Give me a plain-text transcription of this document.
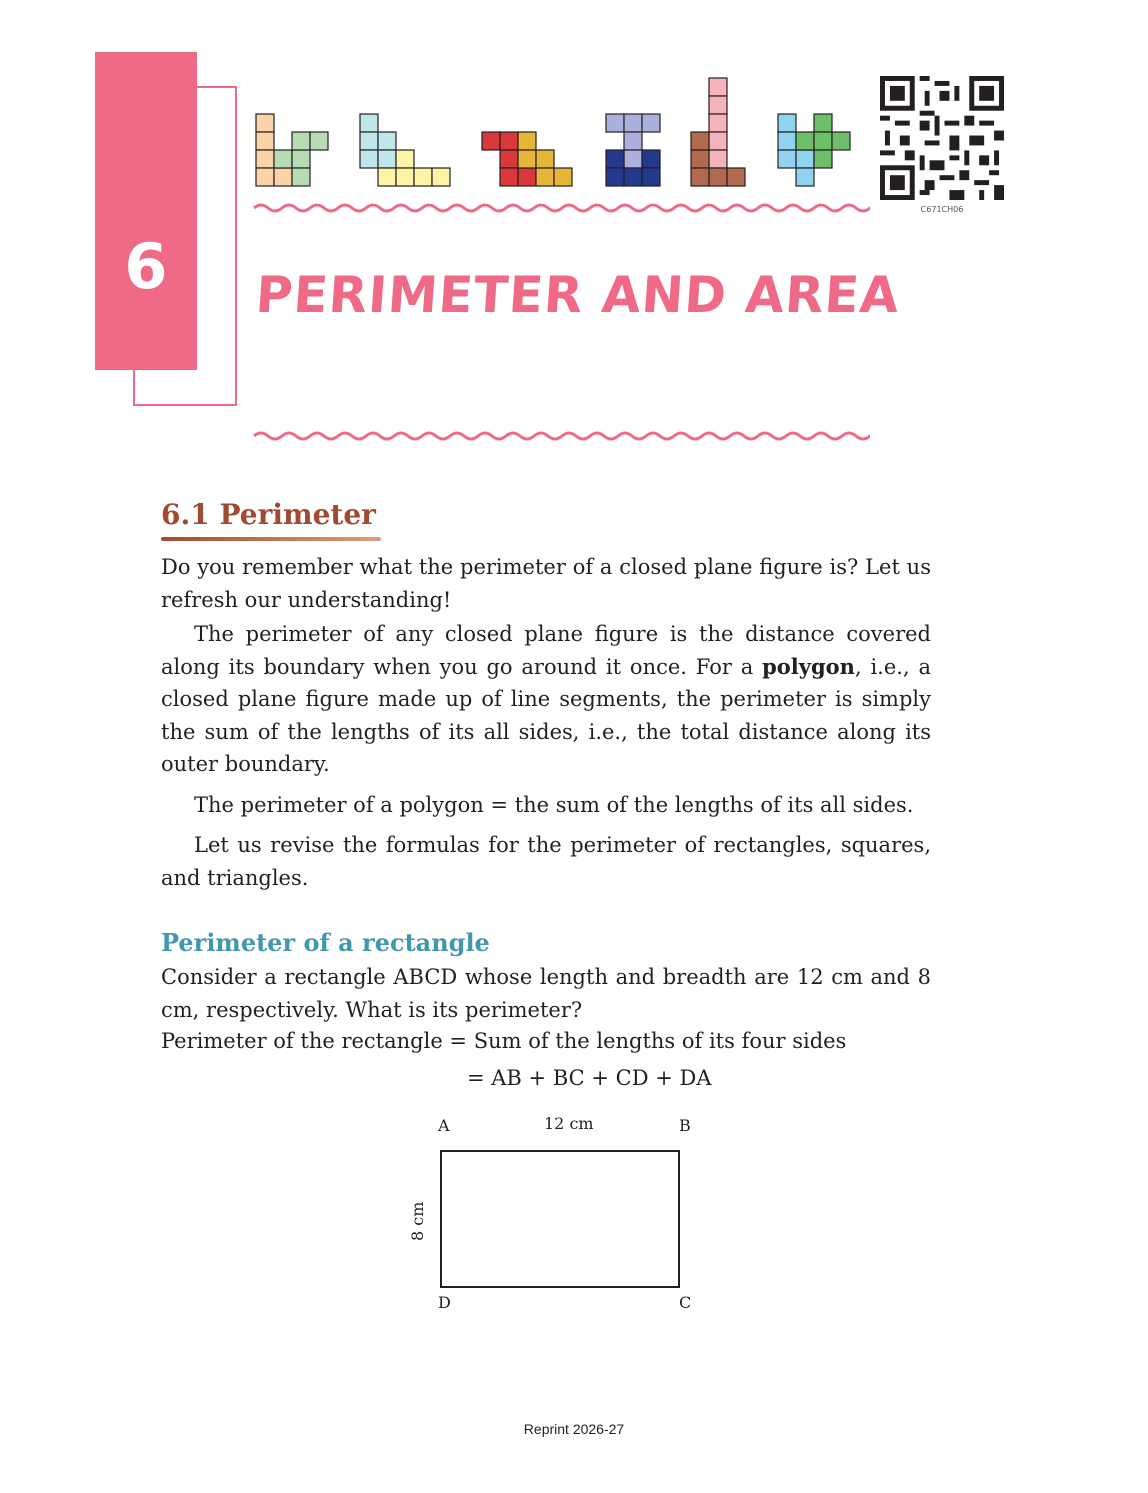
6	PERIMETER AND AREA
C671CH06
6.1 Perimeter

Do you remember what the perimeter of a closed plane figure is? Let us refresh our understanding!

The perimeter of any closed plane figure is the distance covered along its boundary when you go around it once. For a polygon, i.e., a closed plane figure made up of line segments, the perimeter is simply the sum of the lengths of its all sides, i.e., the total distance along its outer boundary.

The perimeter of a polygon = the sum of the lengths of its all sides.

Let us revise the formulas for the perimeter of rectangles, squares, and triangles.

Perimeter of a rectangle

Consider a rectangle ABCD whose length and breadth are 12 cm and 8 cm, respectively. What is its perimeter?

Perimeter of the rectangle = Sum of the lengths of its four sides
= AB + BC + CD + DA
A	B
D	C
12 cm
8 cm
Reprint 2026-27
